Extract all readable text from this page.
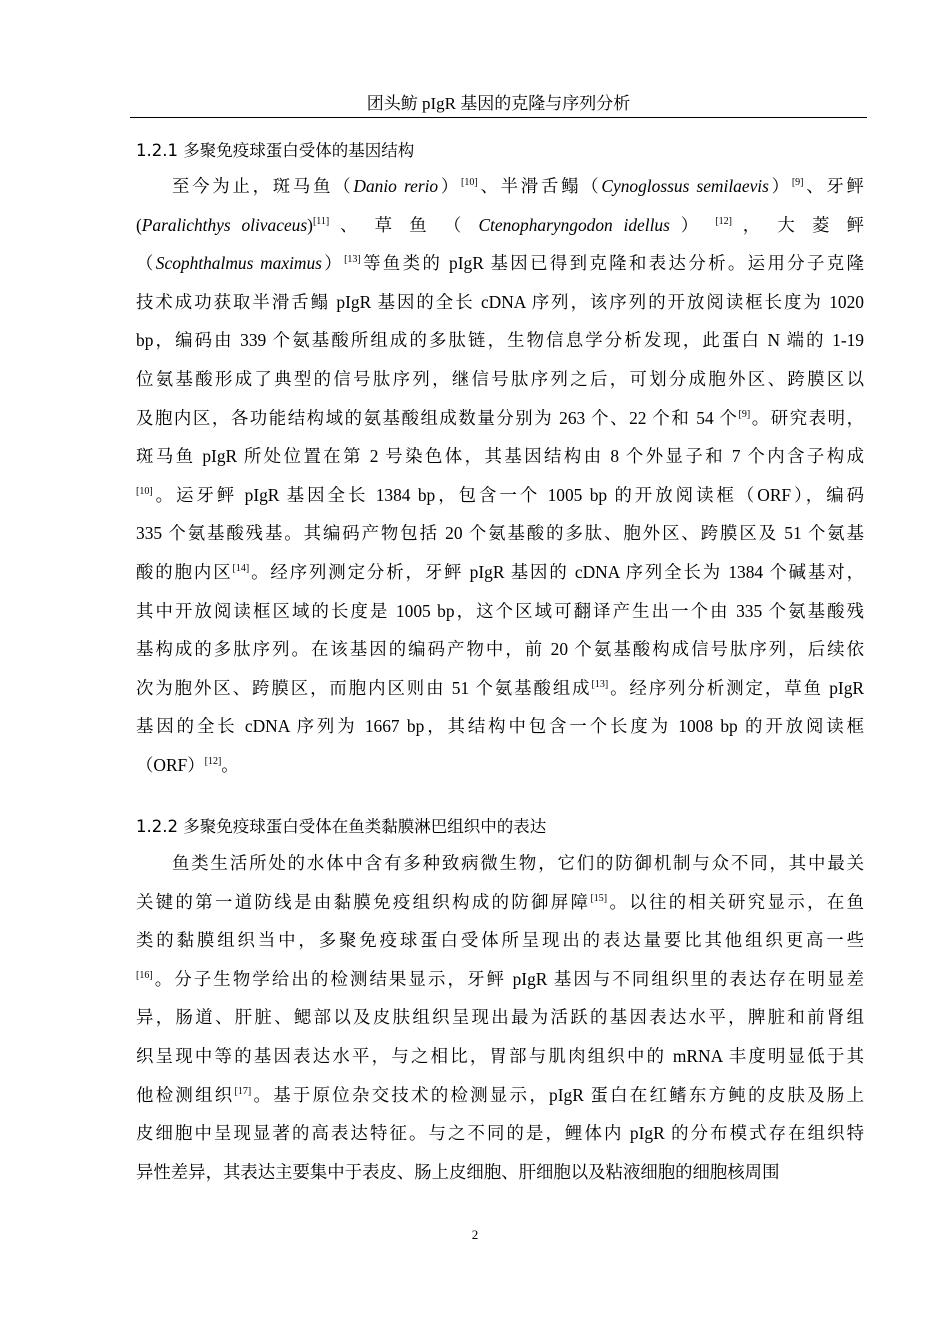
团头鲂 pIgR 基因的克隆与序列分析
1.2.1 多聚免疫球蛋白受体的基因结构
至今为止，斑马鱼（Danio rerio）[10]、半滑舌鳎（Cynoglossus semilaevis）[9]、牙鲆
(Paralichthys olivaceus)[11] 、 草 鱼 （ Ctenopharyngodon idellus ） [12] ， 大 菱 鲆
（Scophthalmus maximus）[13]等鱼类的 pIgR 基因已得到克隆和表达分析。运用分子克隆
技术成功获取半滑舌鳎 pIgR 基因的全长 cDNA 序列，该序列的开放阅读框长度为 1020
bp，编码由 339 个氨基酸所组成的多肽链，生物信息学分析发现，此蛋白 N 端的 1-19
位氨基酸形成了典型的信号肽序列，继信号肽序列之后，可划分成胞外区、跨膜区以
及胞内区，各功能结构域的氨基酸组成数量分别为 263 个、22 个和 54 个[9]。研究表明，
斑马鱼 pIgR 所处位置在第 2 号染色体，其基因结构由 8 个外显子和 7 个内含子构成
[10]。运牙鲆 pIgR 基因全长 1384 bp，包含一个 1005 bp 的开放阅读框（ORF），编码
335 个氨基酸残基。其编码产物包括 20 个氨基酸的多肽、胞外区、跨膜区及 51 个氨基
酸的胞内区[14]。经序列测定分析，牙鲆 pIgR 基因的 cDNA 序列全长为 1384 个碱基对，
其中开放阅读框区域的长度是 1005 bp，这个区域可翻译产生出一个由 335 个氨基酸残
基构成的多肽序列。在该基因的编码产物中，前 20 个氨基酸构成信号肽序列，后续依
次为胞外区、跨膜区，而胞内区则由 51 个氨基酸组成[13]。经序列分析测定，草鱼 pIgR
基因的全长 cDNA 序列为 1667 bp，其结构中包含一个长度为 1008 bp 的开放阅读框
（ORF）[12]。
1.2.2 多聚免疫球蛋白受体在鱼类黏膜淋巴组织中的表达
鱼类生活所处的水体中含有多种致病微生物，它们的防御机制与众不同，其中最关
关键的第一道防线是由黏膜免疫组织构成的防御屏障[15]。以往的相关研究显示，在鱼
类的黏膜组织当中，多聚免疫球蛋白受体所呈现出的表达量要比其他组织更高一些
[16]。分子生物学给出的检测结果显示，牙鲆 pIgR 基因与不同组织里的表达存在明显差
异，肠道、肝脏、鳃部以及皮肤组织呈现出最为活跃的基因表达水平，脾脏和前肾组
织呈现中等的基因表达水平，与之相比，胃部与肌肉组织中的 mRNA 丰度明显低于其
他检测组织[17]。基于原位杂交技术的检测显示，pIgR 蛋白在红鳍东方鲀的皮肤及肠上
皮细胞中呈现显著的高表达特征。与之不同的是，鲤体内 pIgR 的分布模式存在组织特
异性差异，其表达主要集中于表皮、肠上皮细胞、肝细胞以及粘液细胞的细胞核周围
2
